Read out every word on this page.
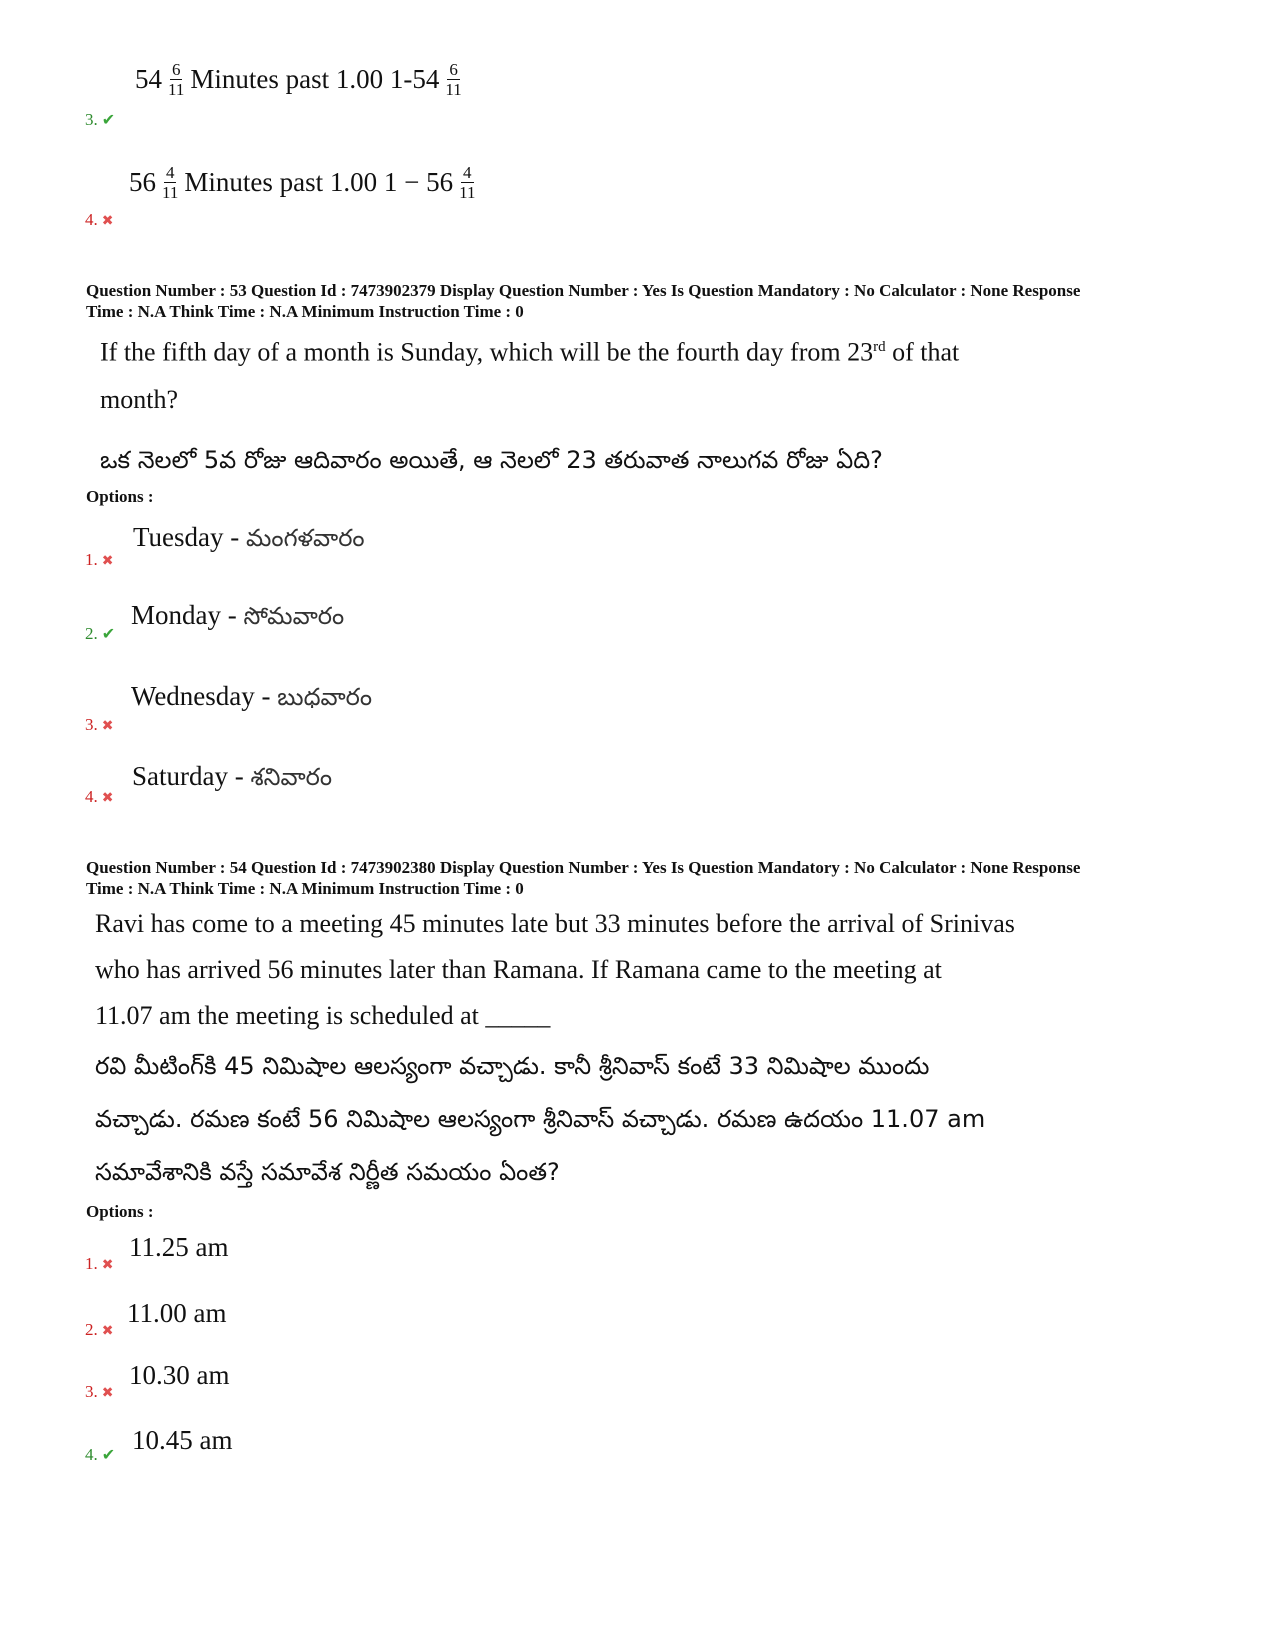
$54 \frac{6}{11}$ Minutes past 1.00 $1-54 \frac{6}{11}$
3. ✔
$56 \frac{4}{11}$ Minutes past 1.00 $1 - 56 \frac{4}{11}$
4. ✖
Question Number : 53 Question Id : 7473902379 Display Question Number : Yes Is Question Mandatory : No Calculator : None Response
Time : N.A Think Time : N.A Minimum Instruction Time : 0
If the fifth day of a month is Sunday, which will be the fourth day from 23rd of that
month?
ఒక నెలలో 5వ రోజు ఆదివారం అయితే, ఆ నెలలో 23 తరువాత నాలుగవ రోజు ఏది?
Options :
Tuesday - మంగళవారం
1. ✖
Monday - సోమవారం
2. ✔
Wednesday - బుధవారం
3. ✖
Saturday - శనివారం
4. ✖
Question Number : 54 Question Id : 7473902380 Display Question Number : Yes Is Question Mandatory : No Calculator : None Response
Time : N.A Think Time : N.A Minimum Instruction Time : 0
Ravi has come to a meeting 45 minutes late but 33 minutes before the arrival of Srinivas
who has arrived 56 minutes later than Ramana. If Ramana came to the meeting at
11.07 am the meeting is scheduled at _____
రవి మీటింగ్‌కి 45 నిమిషాల ఆలస్యంగా వచ్చాడు. కానీ శ్రీనివాస్ కంటే 33 నిమిషాల ముందు
వచ్చాడు. రమణ కంటే 56 నిమిషాల ఆలస్యంగా శ్రీనివాస్ వచ్చాడు. రమణ ఉదయం 11.07 am
సమావేశానికి వస్తే సమావేశ నిర్ణీత సమయం ఏంత?
Options :
11.25 am
1. ✖
11.00 am
2. ✖
10.30 am
3. ✖
10.45 am
4. ✔
